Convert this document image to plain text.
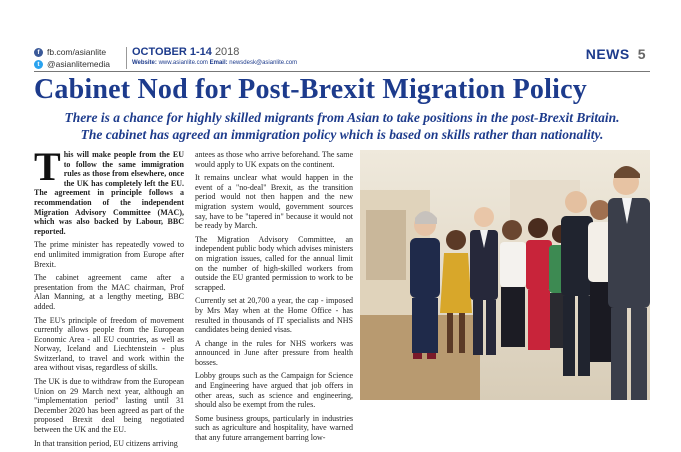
f fb.com/asianlite
t @asianlitemedia
OCTOBER 1-14 2018
Website: www.asianlite.com Email: newsdesk@asianlite.com
NEWS 5
Cabinet Nod for Post-Brexit Migration Policy
There is a chance for highly skilled migrants from Asian to take positions in the post-Brexit Britain.
The cabinet has agreed an immigration policy which is based on skills rather than nationality.

This will make people from the EU to follow the same immigration rules as those from elsewhere, once the UK has completely left the EU. The agreement in principle follows a recommendation of the independent Migration Advisory Committee (MAC), which was also backed by Labour, BBC reported.

The prime minister has repeatedly vowed to end unlimited immigration from Europe after Brexit.

The cabinet agreement came after a presentation from the MAC chairman, Prof Alan Manning, at a lengthy meeting, BBC added.

The EU's principle of freedom of movement currently allows people from the European Economic Area - all EU countries, as well as Norway, Iceland and Liechtenstein - plus Switzerland, to travel and work within the area without visas, regardless of skills.

The UK is due to withdraw from the European Union on 29 March next year, although an "implementation period" lasting until 31 December 2020 has been agreed as part of the proposed Brexit deal being negotiated between the UK and the EU.

In that transition period, EU citizens arriving

antees as those who arrive beforehand. The same would apply to UK expats on the continent.

It remains unclear what would happen in the event of a "no-deal" Brexit, as the transition period would not then happen and the new migration system would, government sources say, have to be "tapered in" because it would not be ready by March.

The Migration Advisory Committee, an independent public body which advises ministers on migration issues, called for the annual limit on the number of high-skilled workers from outside the EU granted permission to work to be scrapped.

Currently set at 20,700 a year, the cap - imposed by Mrs May when at the Home Office - has resulted in thousands of IT specialists and NHS candidates being denied visas.

A change in the rules for NHS workers was announced in June after pressure from health bosses.

Lobby groups such as the Campaign for Science and Engineering have argued that job offers in other areas, such as science and engineering, should also be exempt from the rules.

Some business groups, particularly in industries such as agriculture and hospitality, have warned that any future arrangement barring low-
